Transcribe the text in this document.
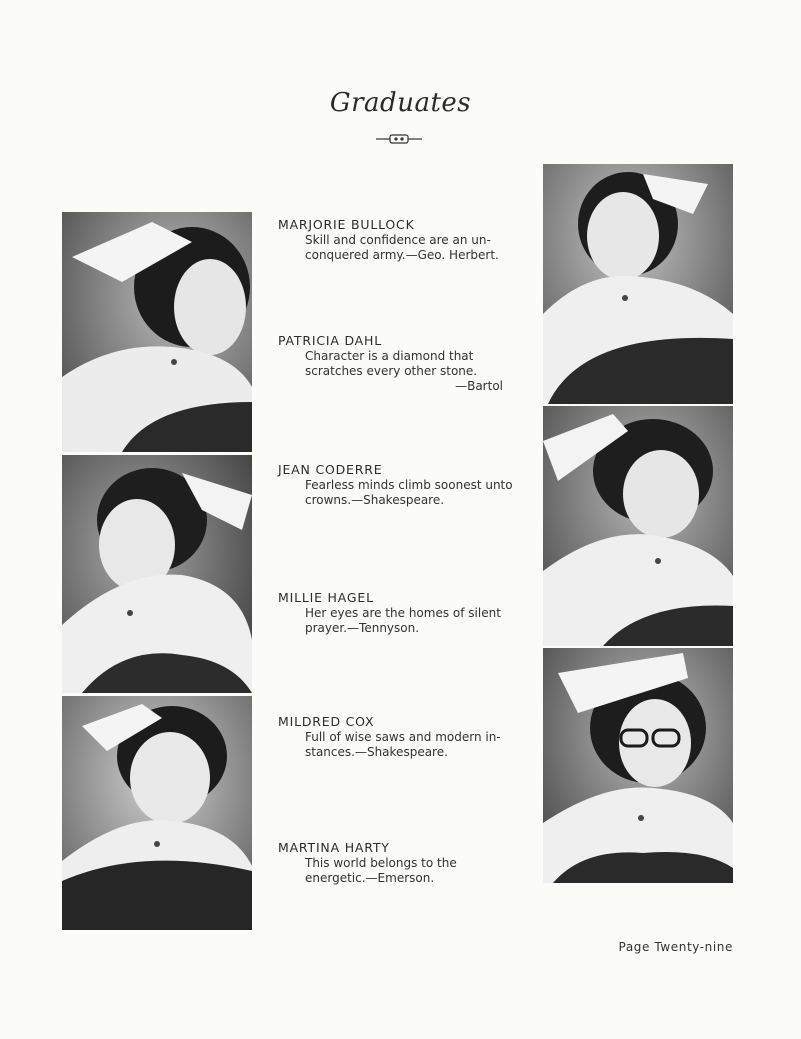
Graduates
MARJORIE BULLOCK
Skill and confidence are an un-
conquered army.—Geo. Herbert.
PATRICIA DAHL
Character is a diamond that
scratches every other stone.
—Bartol
JEAN CODERRE
Fearless minds climb soonest unto
crowns.—Shakespeare.
MILLIE HAGEL
Her eyes are the homes of silent
prayer.—Tennyson.
MILDRED COX
Full of wise saws and modern in-
stances.—Shakespeare.
MARTINA HARTY
This world belongs to the
energetic.—Emerson.
Page Twenty-nine
